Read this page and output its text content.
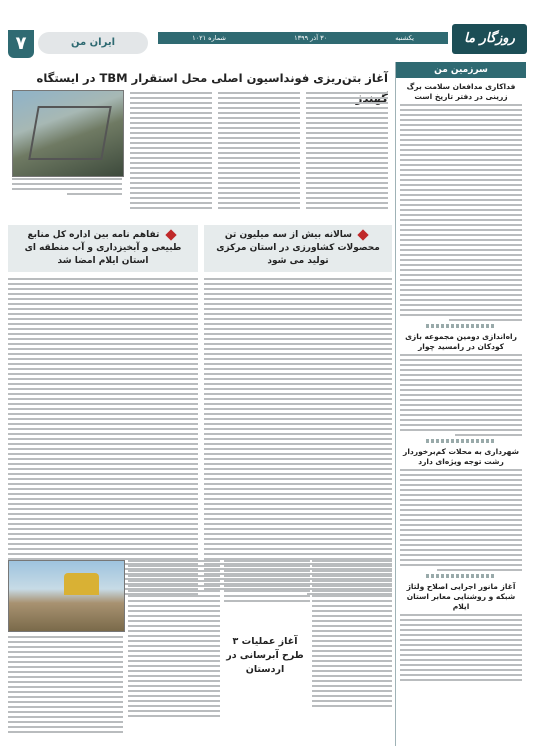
۷	ایران من	یکشنبه
۳۰ آذر ۱۳۹۹
شماره ۱۰۲۱	روزگار ما
سرزمین من
فداکاری مدافعان سلامت برگ زرینی در دفتر تاریخ است
راه‌اندازی دومین مجموعه بازی کودکان در رامسید چوار
شهرداری به محلات کم‌برخوردار رشت توجه ویژه‌ای دارد
آغاز مانور اجرایی اصلاح ولتاژ شبکه و روشنایی معابر استان ایلام
آغاز بتن‌ریزی فونداسیون اصلی محل استقرار TBM در ایستگاه
تفاهم نامه بین اداره کل منابع طبیعی و آبخیزداری و آب منطقه ای استان ایلام امضا شد
سالانه بیش از سه میلیون تن محصولات کشاورزی در استان مرکزی تولید می شود
آغاز عملیات ۳ طرح آبرسانی در اردستان
